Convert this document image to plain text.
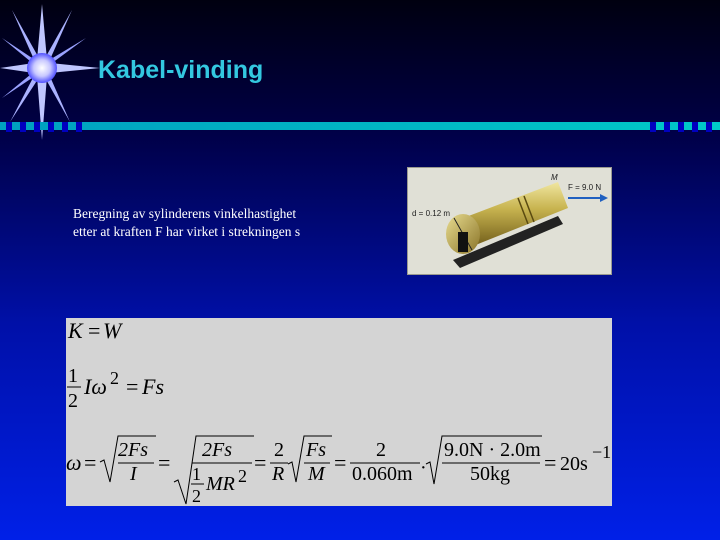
Kabel-vinding
Beregning av sylinderens vinkelhastighet
etter at kraften F har virket i strekningen s
d = 0.12 m
M
F = 9.0 N
K = W
1
2
Iω 2 = Fs
ω = 2Fs
I = 2Fs
1
2
MR 2
= 2
R
Fs
M = 2
0.060m ·
9.0N · 2.0m
50kg = 20s
−1
